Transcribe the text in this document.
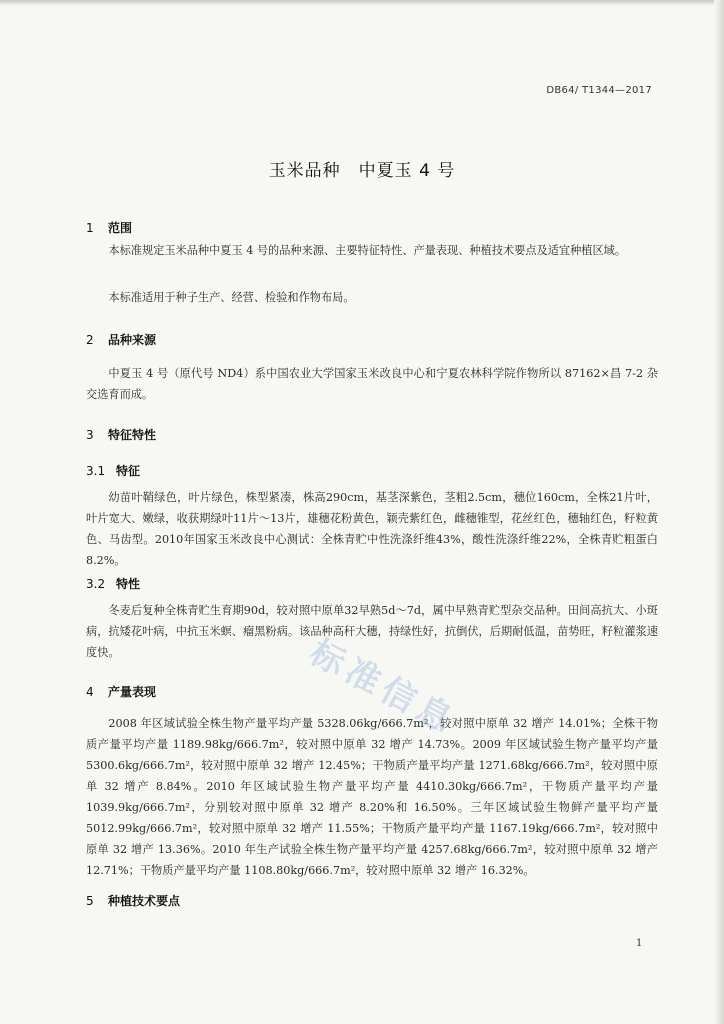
DB64/ T1344—2017
玉米品种　中夏玉 4 号
1 范围

本标准规定玉米品种中夏玉 4 号的品种来源、主要特征特性、产量表现、种植技术要点及适宜种植区域。

本标准适用于种子生产、经营、检验和作物布局。

2 品种来源

中夏玉 4 号（原代号 ND4）系中国农业大学国家玉米改良中心和宁夏农林科学院作物所以 87162×昌 7-2 杂交选育而成。

3 特征特性
3.1 特征

幼苗叶鞘绿色，叶片绿色，株型紧凑，株高290cm，基茎深紫色，茎粗2.5cm，穗位160cm，全株21片叶，叶片宽大、嫩绿，收获期绿叶11片～13片，雄穗花粉黄色，颖壳紫红色，雌穗锥型，花丝红色，穗轴红色，籽粒黄色、马齿型。2010年国家玉米改良中心测试：全株青贮中性洗涤纤维43%，酸性洗涤纤维22%，全株青贮粗蛋白8.2%。

3.2 特性

冬麦后复种全株青贮生育期90d，较对照中原单32早熟5d～7d，属中早熟青贮型杂交品种。田间高抗大、小斑病，抗矮花叶病，中抗玉米螟、瘤黑粉病。该品种高秆大穗，持绿性好，抗倒伏，后期耐低温，苗势旺，籽粒灌浆速度快。

4 产量表现

2008 年区域试验全株生物产量平均产量 5328.06kg/666.7m²，较对照中原单 32 增产 14.01%；全株干物质产量平均产量 1189.98kg/666.7m²，较对照中原单 32 增产 14.73%。2009 年区域试验生物产量平均产量 5300.6kg/666.7m²，较对照中原单 32 增产 12.45%；干物质产量平均产量 1271.68kg/666.7m²，较对照中原单 32 增产 8.84%。2010 年区域试验生物产量平均产量 4410.30kg/666.7m²，干物质产量平均产量 1039.9kg/666.7m²，分别较对照中原单 32 增产 8.20%和 16.50%。三年区域试验生物鲜产量平均产量 5012.99kg/666.7m²，较对照中原单 32 增产 11.55%；干物质产量平均产量 1167.19kg/666.7m²，较对照中原单 32 增产 13.36%。2010 年生产试验全株生物产量平均产量 4257.68kg/666.7m²，较对照中原单 32 增产 12.71%；干物质产量平均产量 1108.80kg/666.7m²，较对照中原单 32 增产 16.32%。

5 种植技术要点
标准信息
1
